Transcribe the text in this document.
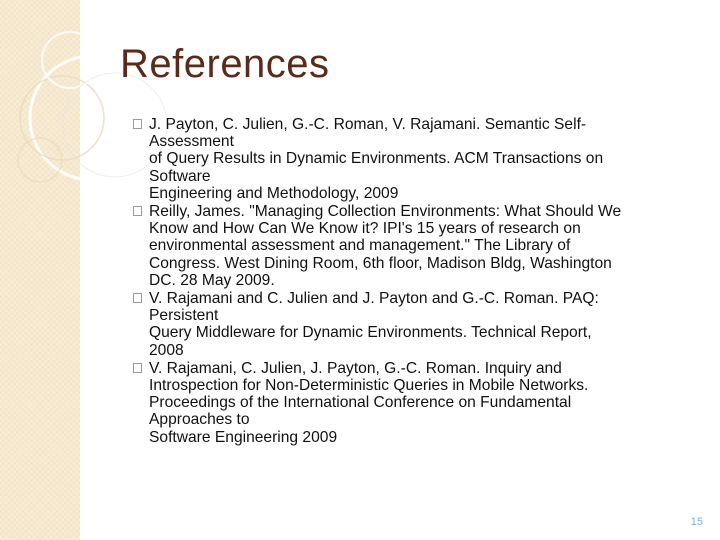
References
J. Payton, C. Julien, G.-C. Roman, V. Rajamani. Semantic Self-
Assessment
of Query Results in Dynamic Environments. ACM Transactions on
Software
Engineering and Methodology, 2009
Reilly, James. "Managing Collection Environments: What Should We
Know and How Can We Know it? IPI's 15 years of research on
environmental assessment and management." The Library of
Congress. West Dining Room, 6th floor, Madison Bldg, Washington
DC. 28 May 2009.
V. Rajamani and C. Julien and J. Payton and G.-C. Roman. PAQ:
Persistent
Query Middleware for Dynamic Environments. Technical Report,
2008
V. Rajamani, C. Julien, J. Payton, G.-C. Roman. Inquiry and
Introspection for Non-Deterministic Queries in Mobile Networks.
Proceedings of the International Conference on Fundamental
Approaches to
Software Engineering 2009
15
